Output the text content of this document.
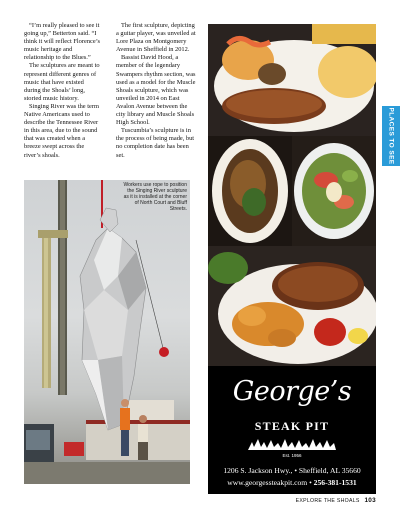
“I’m really pleased to see it going up,” Betterton said. “I think it will reflect Florence’s music heritage and relationship to the Blues.”

The sculptures are meant to represent different genres of music that have existed during the Shoals’ long, storied music history.

Singing River was the term Native Americans used to describe the Tennessee River in this area, due to the sound that was created when a breeze swept across the river’s shoals.

The first sculpture, depicting a guitar player, was unveiled at Lore Plaza on Montgomery Avenue in Sheffield in 2012.

Bassist David Hood, a member of the legendary Swampers rhythm section, was used as a model for the Muscle Shoals sculpture, which was unveiled in 2014 on East Avalon Avenue between the city library and Muscle Shoals High School.

Tuscumbia’s sculpture is in the process of being made, but no completion date has been set.

Workers use rope to position the Singing River sculpture as it is installed at the corner of North Court and Bluff Streets.
George’s
STEAK PIT
Est. 1956
1206 S. Jackson Hwy., • Sheffield, AL 35660
www.georgessteakpit.com • 256-381-1531
PLACES TO SEE
EXPLORE THE SHOALS 103
